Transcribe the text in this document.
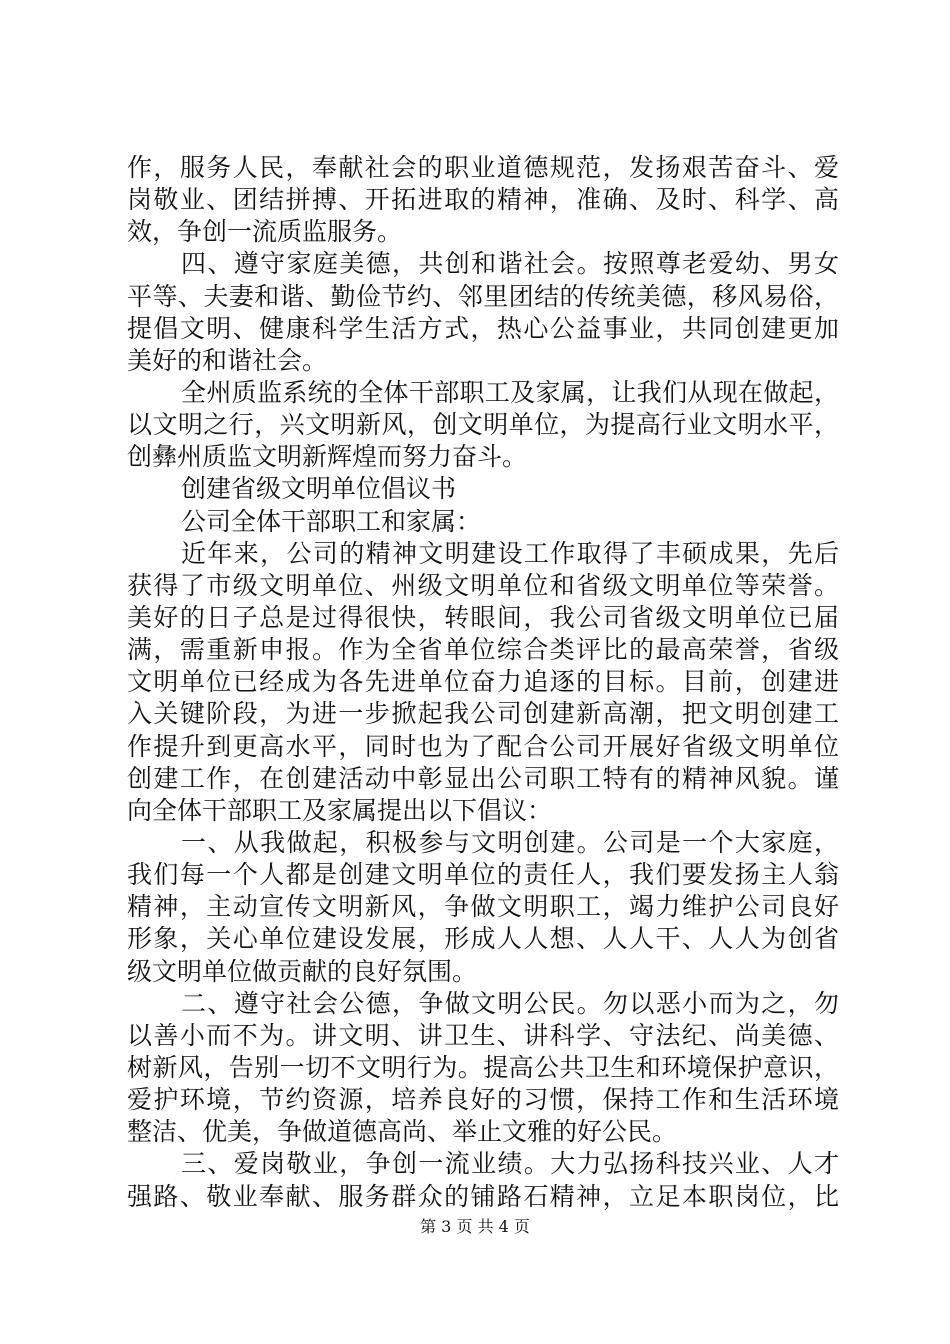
作，服务人民，奉献社会的职业道德规范，发扬艰苦奋斗、爱
岗敬业、团结拼搏、开拓进取的精神，准确、及时、科学、高
效，争创一流质监服务。
四、遵守家庭美德，共创和谐社会。按照尊老爱幼、男女
平等、夫妻和谐、勤俭节约、邻里团结的传统美德，移风易俗，
提倡文明、健康科学生活方式，热心公益事业，共同创建更加
美好的和谐社会。
全州质监系统的全体干部职工及家属，让我们从现在做起，
以文明之行，兴文明新风，创文明单位，为提高行业文明水平，
创彝州质监文明新辉煌而努力奋斗。
创建省级文明单位倡议书
公司全体干部职工和家属：
近年来，公司的精神文明建设工作取得了丰硕成果，先后
获得了市级文明单位、州级文明单位和省级文明单位等荣誉。
美好的日子总是过得很快，转眼间，我公司省级文明单位已届
满，需重新申报。作为全省单位综合类评比的最高荣誉，省级
文明单位已经成为各先进单位奋力追逐的目标。目前，创建进
入关键阶段，为进一步掀起我公司创建新高潮，把文明创建工
作提升到更高水平，同时也为了配合公司开展好省级文明单位
创建工作，在创建活动中彰显出公司职工特有的精神风貌。谨
向全体干部职工及家属提出以下倡议：
一、从我做起，积极参与文明创建。公司是一个大家庭，
我们每一个人都是创建文明单位的责任人，我们要发扬主人翁
精神，主动宣传文明新风，争做文明职工，竭力维护公司良好
形象，关心单位建设发展，形成人人想、人人干、人人为创省
级文明单位做贡献的良好氛围。
二、遵守社会公德，争做文明公民。勿以恶小而为之，勿
以善小而不为。讲文明、讲卫生、讲科学、守法纪、尚美德、
树新风，告别一切不文明行为。提高公共卫生和环境保护意识，
爱护环境，节约资源，培养良好的习惯，保持工作和生活环境
整洁、优美，争做道德高尚、举止文雅的好公民。
三、爱岗敬业，争创一流业绩。大力弘扬科技兴业、人才
强路、敬业奉献、服务群众的铺路石精神，立足本职岗位，比
第 3 页 共 4 页
